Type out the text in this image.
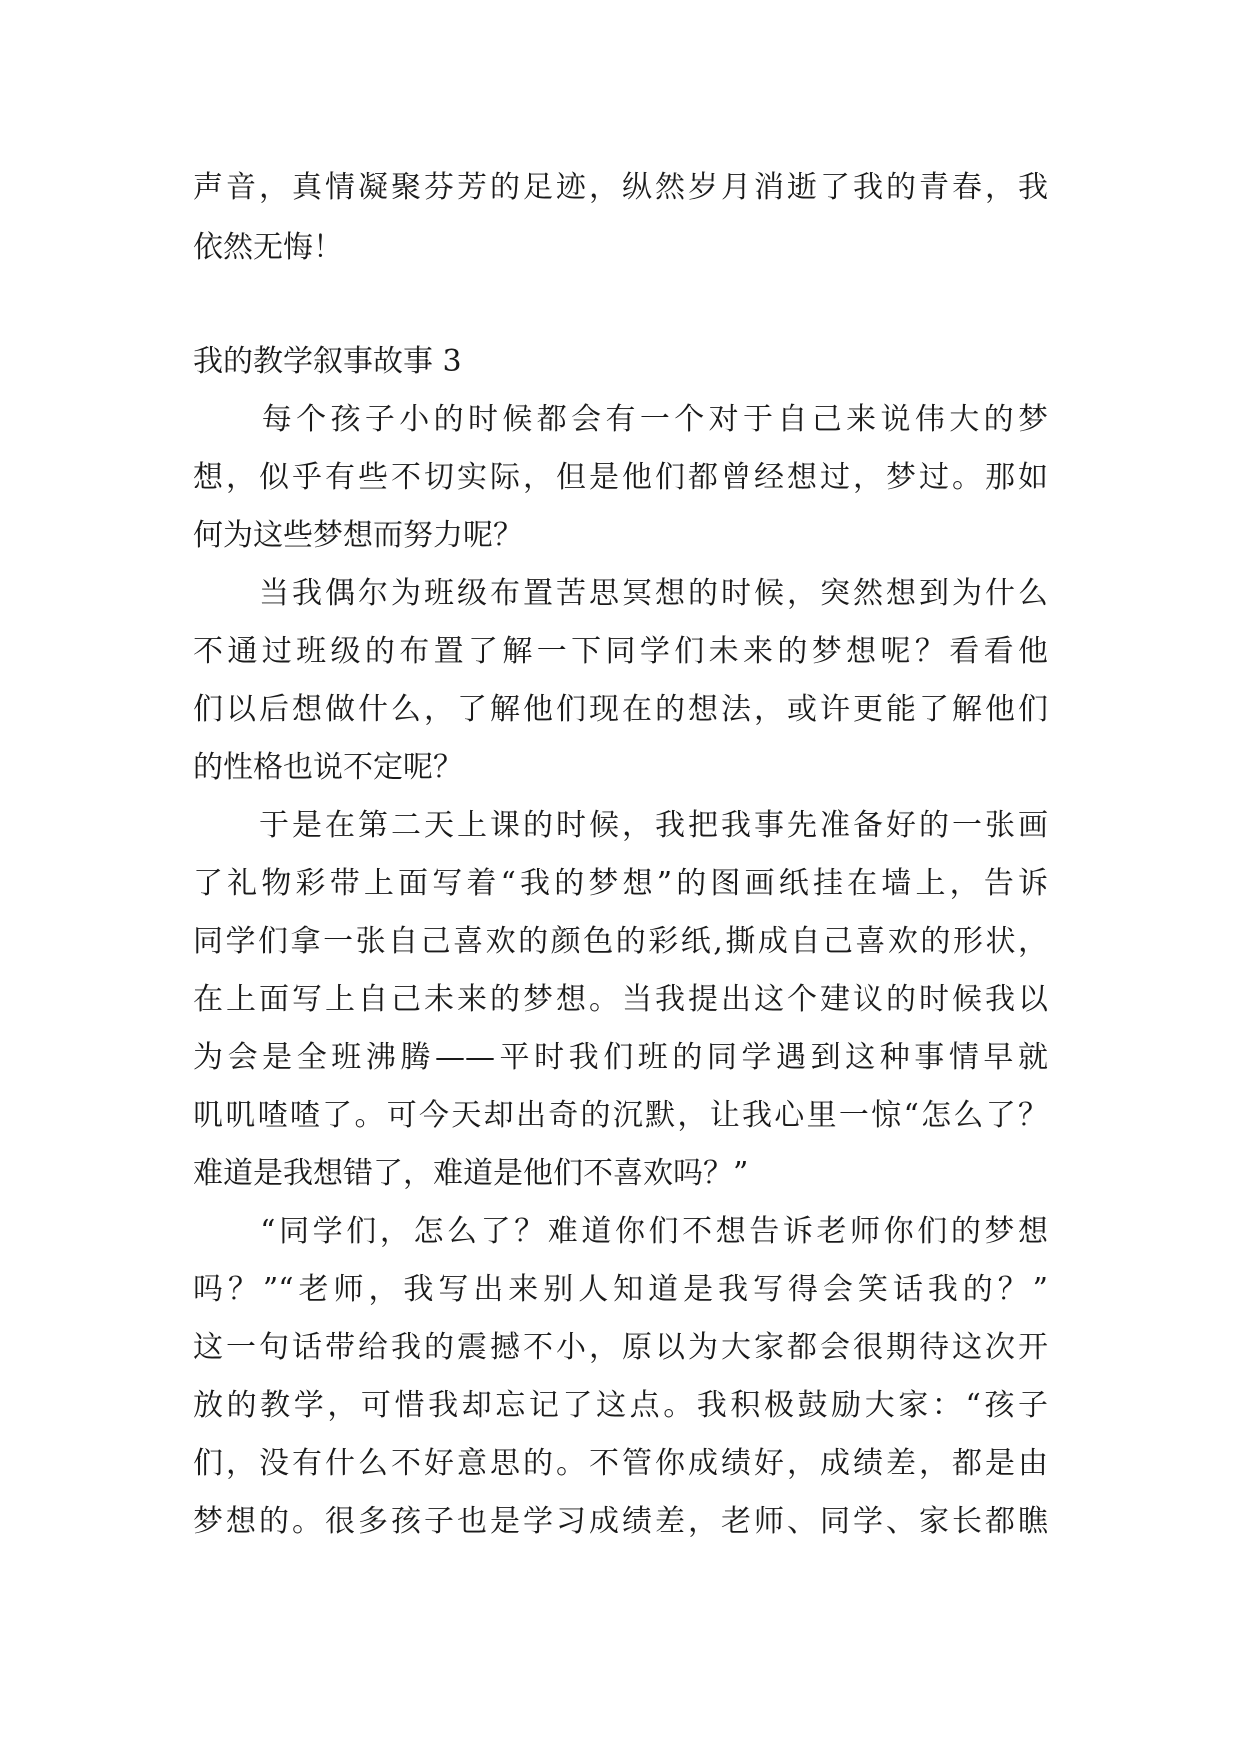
声音，真情凝聚芬芳的足迹，纵然岁月消逝了我的青春，我
依然无悔！
我的教学叙事故事 3
　　每个孩子小的时候都会有一个对于自己来说伟大的梦
想，似乎有些不切实际，但是他们都曾经想过，梦过。那如
何为这些梦想而努力呢？
　　当我偶尔为班级布置苦思冥想的时候，突然想到为什么
不通过班级的布置了解一下同学们未来的梦想呢？看看他
们以后想做什么，了解他们现在的想法，或许更能了解他们
的性格也说不定呢？
　　于是在第二天上课的时候，我把我事先准备好的一张画
了礼物彩带上面写着“我的梦想”的图画纸挂在墙上，告诉
同学们拿一张自己喜欢的颜色的彩纸,撕成自己喜欢的形状，
在上面写上自己未来的梦想。当我提出这个建议的时候我以
为会是全班沸腾——平时我们班的同学遇到这种事情早就
叽叽喳喳了。可今天却出奇的沉默，让我心里一惊“怎么了？
难道是我想错了，难道是他们不喜欢吗？”
　　“同学们，怎么了？难道你们不想告诉老师你们的梦想
吗？”“老师，我写出来别人知道是我写得会笑话我的？”
这一句话带给我的震撼不小，原以为大家都会很期待这次开
放的教学，可惜我却忘记了这点。我积极鼓励大家：“孩子
们，没有什么不好意思的。不管你成绩好，成绩差，都是由
梦想的。很多孩子也是学习成绩差，老师、同学、家长都瞧
